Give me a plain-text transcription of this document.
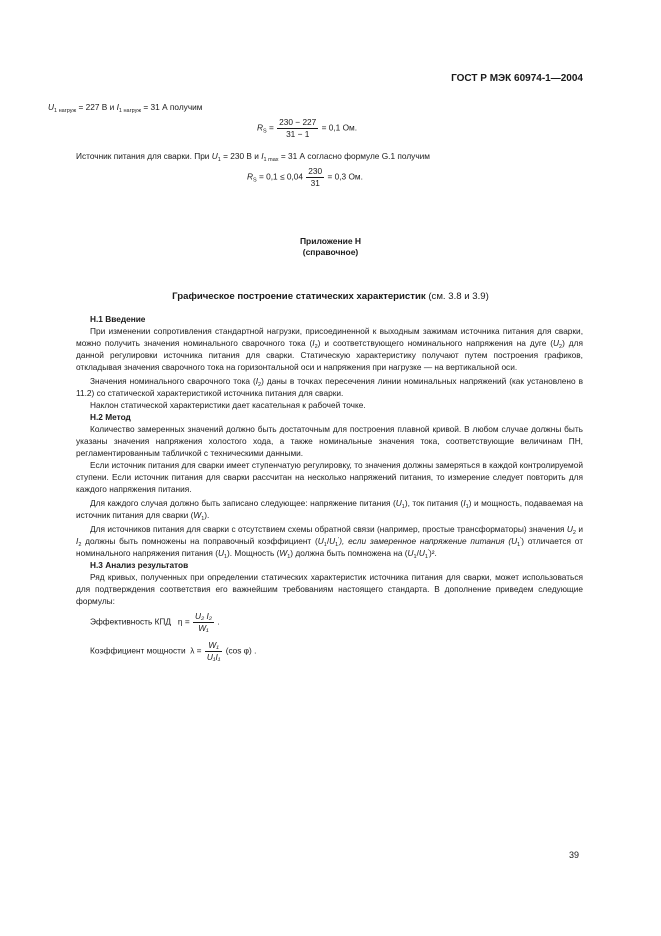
ГОСТ Р МЭК 60974-1—2004
$U_1$ $_{нагруж}$ = 227 В и $I_1$ $_{нагруж}$ = 31 А получим
$R_S = \frac{230 - 227}{31 - 1} = 0,1$ Ом.
Источник питания для сварки. При $U_1 = 230$ В и $I_{1 max} = 31$ А согласно формуле G.1 получим
$R_S = 0,1 \le 0,04 \frac{230}{31} = 0,3$ Ом.
Приложение Н
(справочное)
Графическое построение статических характеристик (см. 3.8 и 3.9)
Н.1 Введение

При изменении сопротивления стандартной нагрузки, присоединенной к выходным зажимам источника питания для сварки, можно получить значения номинального сварочного тока $(I_2)$ и соответствующего номинального напряжения на дуге $(U_2)$ для данной регулировки источника питания для сварки. Статическую характеристику получают путем построения графиков, откладывая значения сварочного тока на горизонтальной оси и напряжения при нагрузке — на вертикальной оси.

Значения номинального сварочного тока $(I_2)$ даны в точках пересечения линии номинальных напряжений (как установлено в 11.2) со статической характеристикой источника питания для сварки.

Наклон статической характеристики дает касательная к рабочей точке.

Н.2 Метод

Количество замеренных значений должно быть достаточным для построения плавной кривой. В любом случае должны быть указаны значения напряжения холостого хода, а также номинальные значения тока, соответствующие величинам ПН, регламентированным табличкой с техническими данными.

Если источник питания для сварки имеет ступенчатую регулировку, то значения должны замеряться в каждой контролируемой ступени. Если источник питания для сварки рассчитан на несколько напряжений питания, то измерение следует повторить для каждого напряжения питания.

Для каждого случая должно быть записано следующее: напряжение питания $(U_1)$, ток питания $(I_1)$ и мощность, подаваемая на источник питания для сварки $(W_1)$.

Для источников питания для сварки с отсутствием схемы обратной связи (например, простые трансформаторы) значения $U_2$ и $I_2$ должны быть помножены на поправочный коэффициент $(U_1/U_1')$, если замеренное напряжение питания $(U_1')$ отличается от номинального напряжения питания $(U_1)$. Мощность $(W_1)$ должна быть помножена на $(U_1/U_1')^2$.

Н.3 Анализ результатов

Ряд кривых, полученных при определении статических характеристик источника питания для сварки, может использоваться для подтверждения соответствия его важнейшим требованиям настоящего стандарта. В дополнение приведем следующие формулы:

Эффективность КПД $\eta = \frac{\text{U₂ I₂}}{\text{W₁}}$ .
Коэффициент мощности $\lambda = \frac{\text{W₁}}{\text{U₁I₁}} (\cos$ φ) .
39
